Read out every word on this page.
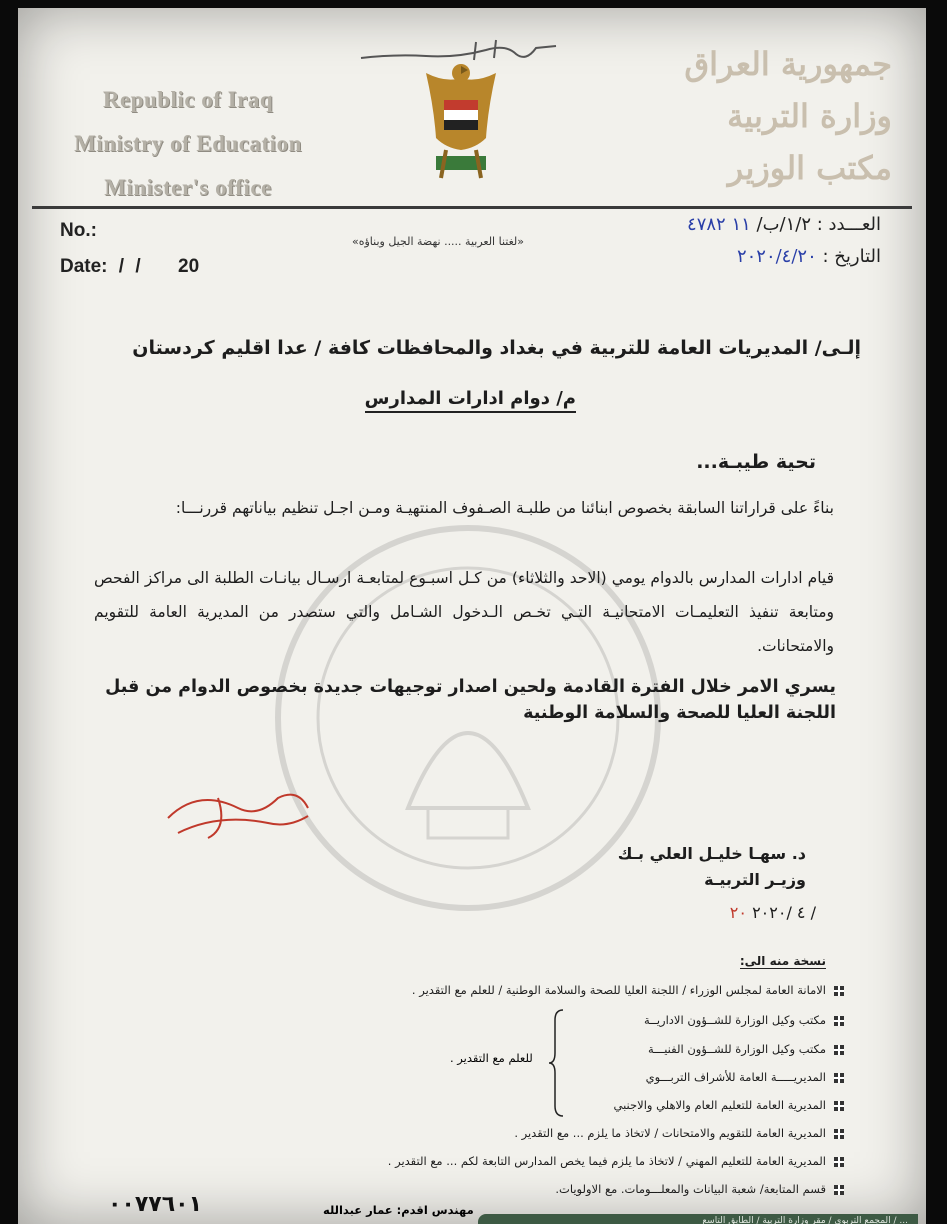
Republic of Iraq
Ministry of Education
Minister's office
جمهورية العراق
وزارة التربية
مكتب الوزير
No.:
Date: / / 20
«لغتنا العربية ..... نهضة الجيل وبناؤه»
العـــدد : ١/٢/ب/ ١١ ٤٧٨٢
التاريخ : ٢٠٢٠/٤/٢٠
إلـى/ المديريات العامة للتربية في بغداد والمحافظات كافة / عدا اقليم كردستان
م/ دوام ادارات المدارس
تحية طيبـة...
بناءً على قراراتنا السابقة بخصوص ابنائنا من طلبـة الصـفوف المنتهيـة ومـن اجـل تنظيم بياناتهم قررنـــا:
قيام ادارات المدارس بالدوام يومي (الاحد والثلاثاء) من كـل اسبـوع لمتابعـة ارسـال بيانـات الطلبة الى مراكز الفحص ومتابعة تنفيذ التعليمـات الامتحانيـة التـي تخـص الـدخول الشـامل والتي ستصدر من المديرية العامة للتقويم والامتحانات.
يسري الامر خلال الفترة القادمة ولحين اصدار توجيهات جديدة بخصوص الدوام من قبل اللجنة العليا للصحة والسلامة الوطنية
د. سهـا خليـل العلي بـك
وزيـر التربيـة
/ ٤ /٢٠٢٠ ٢٠
نسخة منه الى:
الامانة العامة لمجلس الوزراء / اللجنة العليا للصحة والسلامة الوطنية / للعلم مع التقدير .
مكتب وكيل الوزارة للشــؤون الاداريــة
مكتب وكيل الوزارة للشــؤون الفنيـــة
المديريـــــة العامة للأشراف التربـــوي
المديرية العامة للتعليم العام والاهلي والاجنبي
المديرية العامة للتقويم والامتحانات / لاتخاذ ما يلزم ... مع التقدير .
المديرية العامة للتعليم المهني / لاتخاذ ما يلزم فيما يخص المدارس التابعة لكم ... مع التقدير .
قسم المتابعة/ شعبة البيانات والمعلـــومات. مع الاولويات.
للعلم مع التقدير .
٠٠٧٧٦٠١	مهندس اقدم: عمار عبدالله
... / المجمع التربوي / مقر وزارة التربية / الطابق التاسع
